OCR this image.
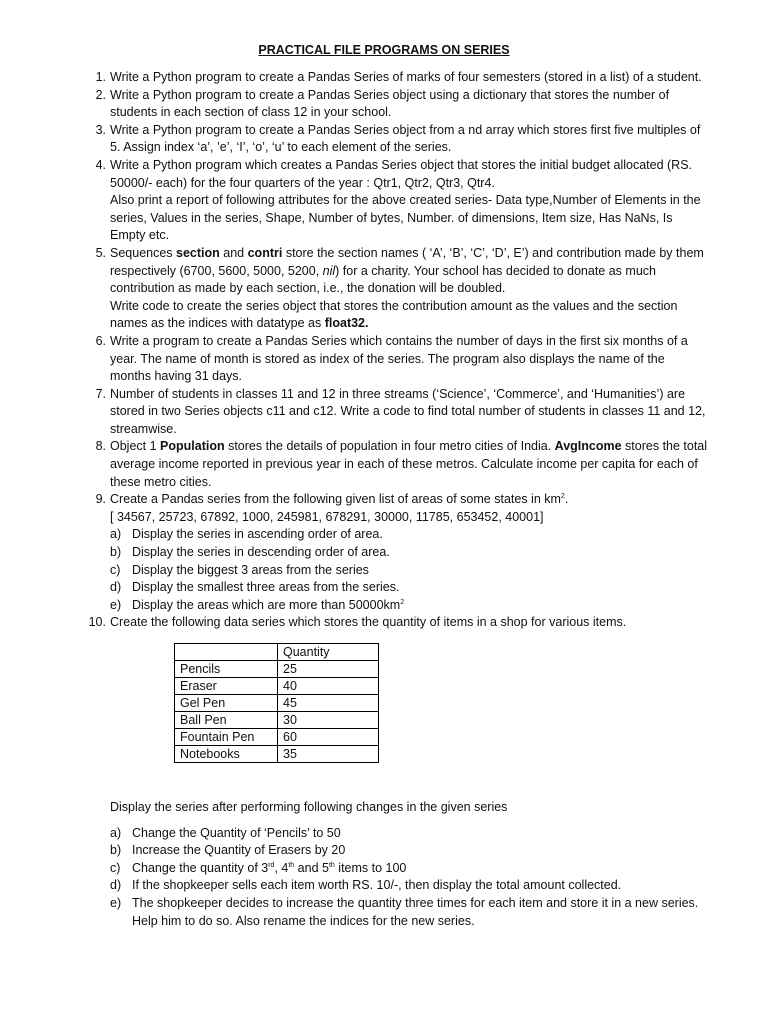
PRACTICAL FILE PROGRAMS ON SERIES
1. Write a Python program to create a Pandas Series of marks of four semesters (stored in a list) of a student.
2. Write a Python program to create a Pandas Series object using a dictionary that stores the number of students in each section of class 12 in your school.
3. Write a Python program to create a Pandas Series object from a nd array which stores first five multiples of 5. Assign index ‘a’, ’e’, ‘I’, ‘o’, ‘u’ to each element of the series.
4. Write a Python program which creates a Pandas Series object that stores the initial budget allocated (RS. 50000/- each) for the four quarters of the year : Qtr1, Qtr2, Qtr3, Qtr4.
Also print a report of following attributes for the above created series- Data type,Number of Elements in the series, Values in the series, Shape, Number of bytes, Number. of dimensions, Item size, Has NaNs, Is Empty etc.
5. Sequences section and contri store the section names ( ‘A’, ‘B’, ‘C’, ‘D’, E’) and contribution made by them respectively (6700, 5600, 5000, 5200, nil) for a charity. Your school has decided to donate as much contribution as made by each section, i.e., the donation will be doubled.
Write code to create the series object that stores the contribution amount as the values and the section names as the indices with datatype as float32.
6. Write a program to create a Pandas Series which contains the number of days in the first six months of a year. The name of month is stored as index of the series. The program also displays the name of the months having 31 days.
7. Number of students in classes 11 and 12 in three streams (‘Science’, ‘Commerce’, and ‘Humanities’) are stored in two Series objects c11 and c12. Write a code to find total number of students in classes 11 and 12, streamwise.
8. Object 1 Population stores the details of population in four metro cities of India. AvgIncome stores the total average income reported in previous year in each of these metros. Calculate income per capita for each of these metro cities.
9. Create a Pandas series from the following given list of areas of some states in $km^2$.
[ 34567, 25723, 67892, 1000, 245981, 678291, 30000, 11785, 653452, 40001]
a) Display the series in ascending order of area.
b) Display the series in descending order of area.
c) Display the biggest 3 areas from the series
d) Display the smallest three areas from the series.
e) Display the areas which are more than $50000km^2$
10. Create the following data series which stores the quantity of items in a shop for various items.
	Quantity
Pencils	25
Eraser	40
Gel Pen	45
Ball Pen	30
Fountain Pen	60
Notebooks	35
Display the series after performing following changes in the given series
a) Change the Quantity of ‘Pencils’ to 50
b) Increase the Quantity of Erasers by 20
c) Change the quantity of 3rd, 4th and 5th items to 100
d) If the shopkeeper sells each item worth RS. 10/-, then display the total amount collected.
e) The shopkeeper decides to increase the quantity three times for each item and store it in a new series. Help him to do so. Also rename the indices for the new series.
